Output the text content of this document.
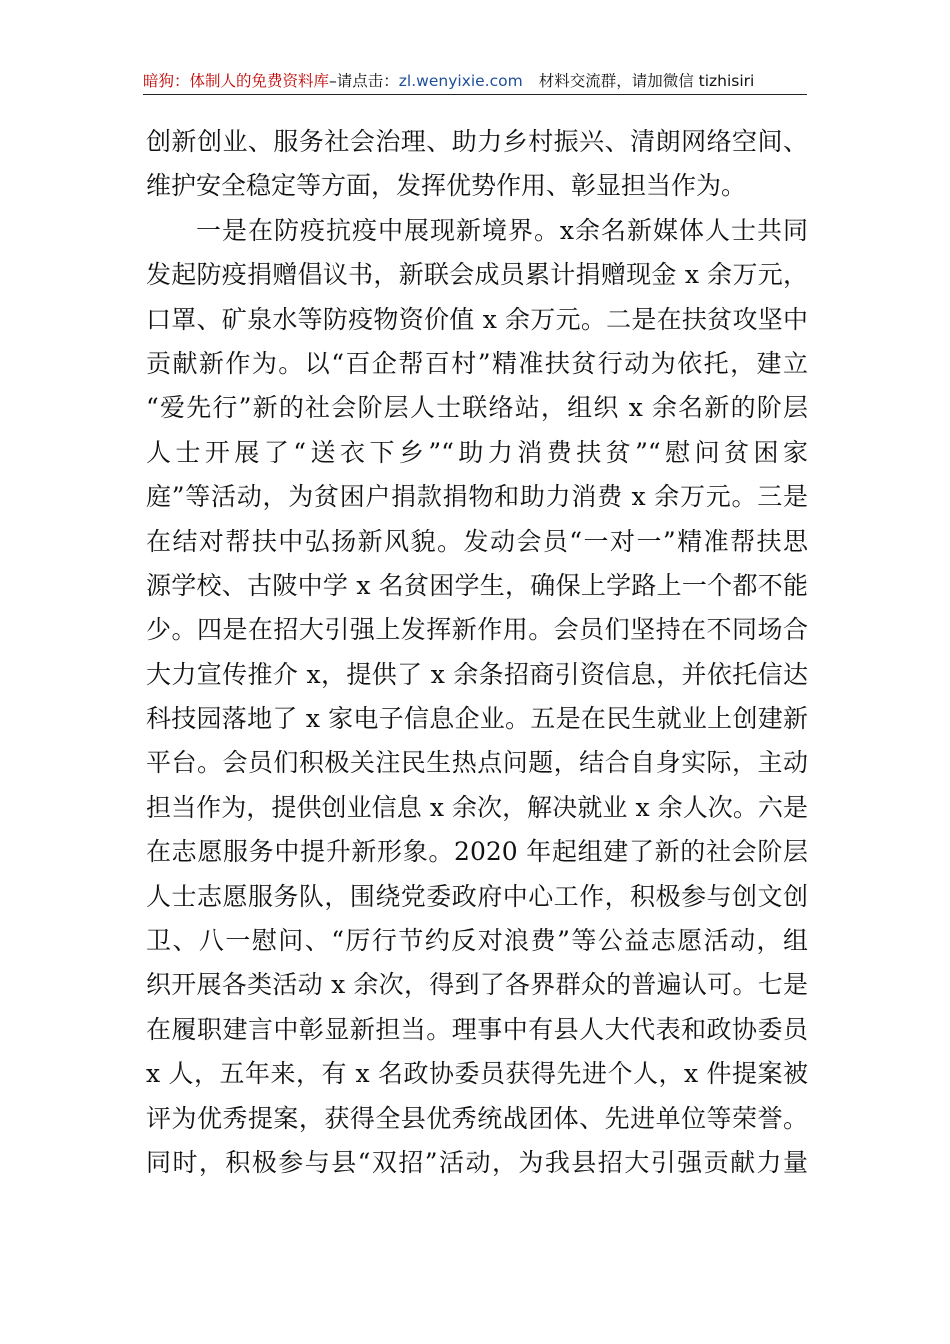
暗狗：体制人的免费资料库–请点击：zl.wenyixie.com 材料交流群，请加微信 tizhisiri
创新创业、服务社会治理、助力乡村振兴、清朗网络空间、
维护安全稳定等方面，发挥优势作用、彰显担当作为。
一是在防疫抗疫中展现新境界。x余名新媒体人士共同
发起防疫捐赠倡议书，新联会成员累计捐赠现金 x 余万元，
口罩、矿泉水等防疫物资价值 x 余万元。二是在扶贫攻坚中
贡献新作为。以“百企帮百村”精准扶贫行动为依托，建立
“爱先行”新的社会阶层人士联络站，组织 x 余名新的阶层
人士开展了“送衣下乡”“助力消费扶贫”“慰问贫困家
庭”等活动，为贫困户捐款捐物和助力消费 x 余万元。三是
在结对帮扶中弘扬新风貌。发动会员“一对一”精准帮扶思
源学校、古陂中学 x 名贫困学生，确保上学路上一个都不能
少。四是在招大引强上发挥新作用。会员们坚持在不同场合
大力宣传推介 x，提供了 x 余条招商引资信息，并依托信达
科技园落地了 x 家电子信息企业。五是在民生就业上创建新
平台。会员们积极关注民生热点问题，结合自身实际，主动
担当作为，提供创业信息 x 余次，解决就业 x 余人次。六是
在志愿服务中提升新形象。2020 年起组建了新的社会阶层
人士志愿服务队，围绕党委政府中心工作，积极参与创文创
卫、八一慰问、“厉行节约反对浪费”等公益志愿活动，组
织开展各类活动 x 余次，得到了各界群众的普遍认可。七是
在履职建言中彰显新担当。理事中有县人大代表和政协委员
x 人，五年来，有 x 名政协委员获得先进个人，x 件提案被
评为优秀提案，获得全县优秀统战团体、先进单位等荣誉。
同时，积极参与县“双招”活动，为我县招大引强贡献力量
